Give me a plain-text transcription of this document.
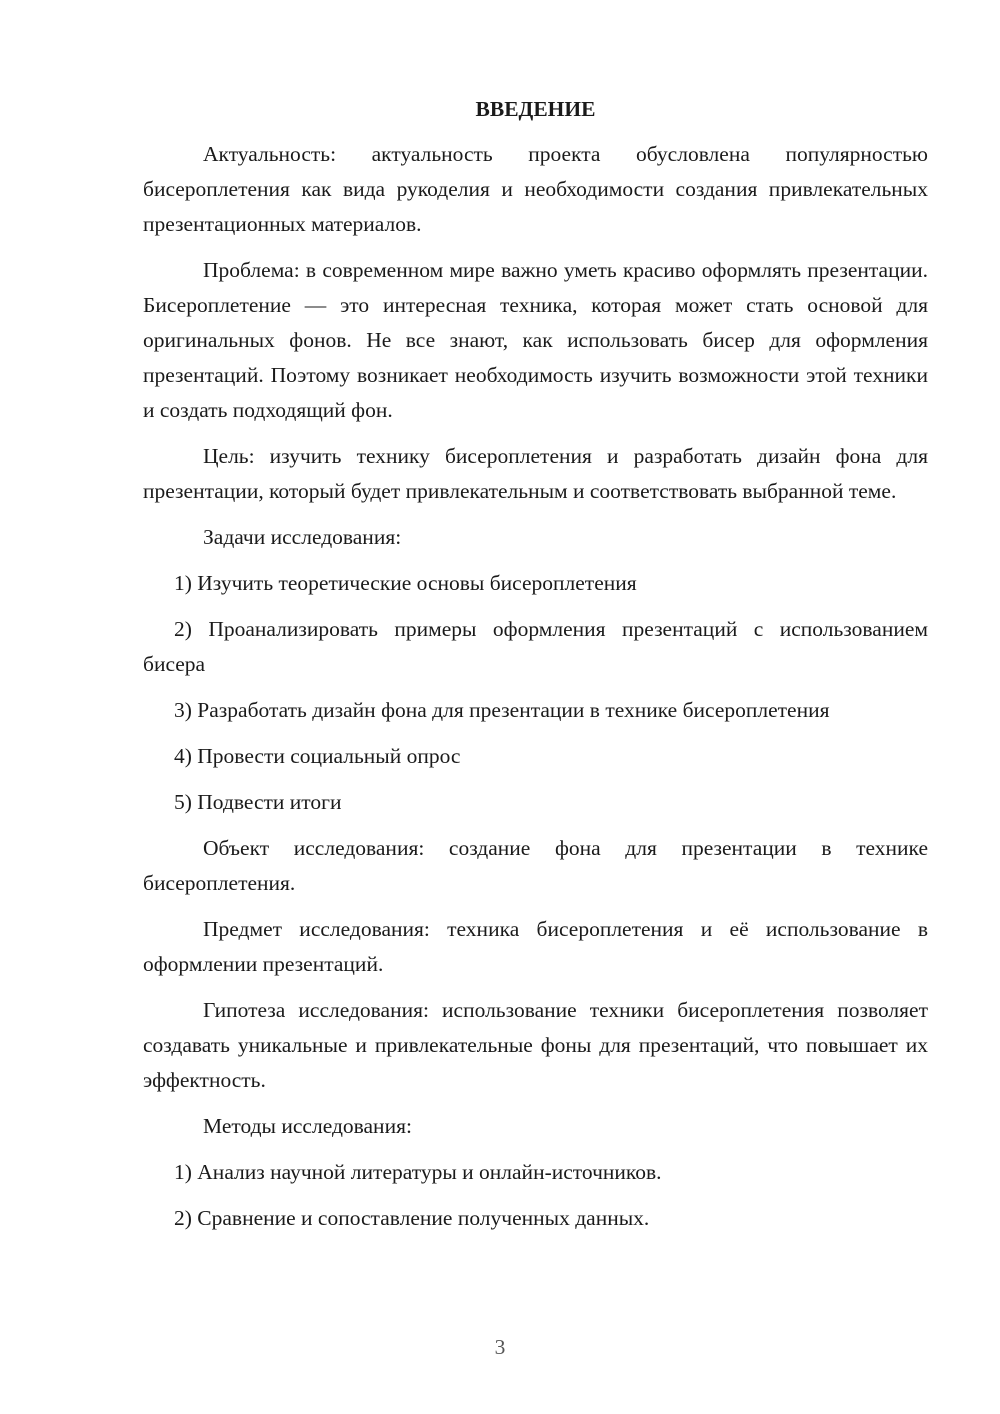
ВВЕДЕНИЕ

Актуальность: актуальность проекта обусловлена популярностью бисероплетения как вида рукоделия и необходимости создания привлекательных презентационных материалов.

Проблема: в современном мире важно уметь красиво оформлять презентации. Бисероплетение — это интересная техника, которая может стать основой для оригинальных фонов. Не все знают, как использовать бисер для оформления презентаций. Поэтому возникает необходимость изучить возможности этой техники и создать подходящий фон.

Цель: изучить технику бисероплетения и разработать дизайн фона для презентации, который будет привлекательным и соответствовать выбранной теме.

Задачи исследования:

1) Изучить теоретические основы бисероплетения

2) Проанализировать примеры оформления презентаций с использованием бисера

3) Разработать дизайн фона для презентации в технике бисероплетения

4) Провести социальный опрос

5) Подвести итоги

Объект исследования: создание фона для презентации в технике бисероплетения.

Предмет исследования: техника бисероплетения и её использование в оформлении презентаций.

Гипотеза исследования: использование техники бисероплетения позволяет создавать уникальные и привлекательные фоны для презентаций, что повышает их эффектность.

Методы исследования:

1) Анализ научной литературы и онлайн-источников.

2) Сравнение и сопоставление полученных данных.

3
